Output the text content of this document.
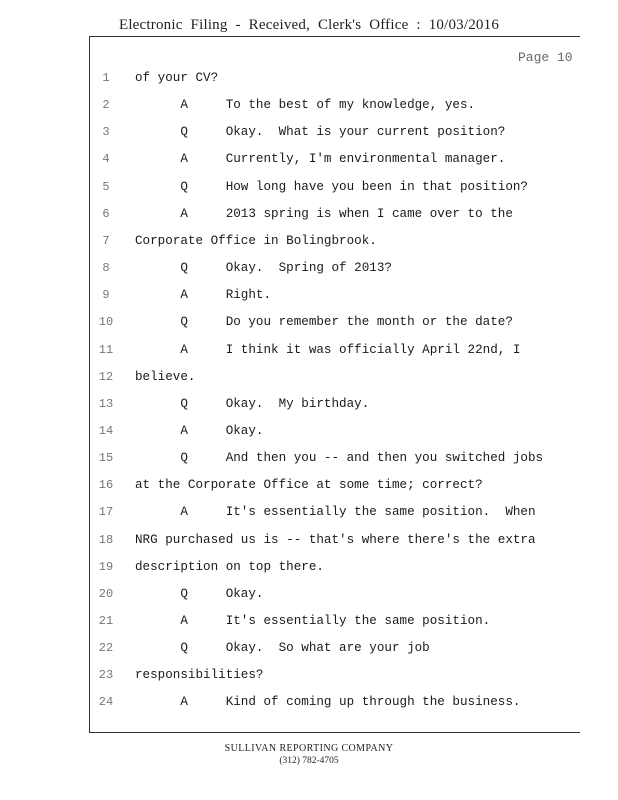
Electronic Filing - Received, Clerk's Office : 10/03/2016
Page 10
1	of your CV?
2	A     To the best of my knowledge, yes.
3	Q     Okay.  What is your current position?
4	A     Currently, I'm environmental manager.
5	Q     How long have you been in that position?
6	A     2013 spring is when I came over to the
7	Corporate Office in Bolingbrook.
8	Q     Okay.  Spring of 2013?
9	A     Right.
10 Q     Do you remember the month or the date?
11 A     I think it was officially April 22nd, I
12 believe.
13 Q     Okay.  My birthday.
14 A     Okay.
15 Q     And then you -- and then you switched jobs
16 at the Corporate Office at some time; correct?
17 A     It's essentially the same position.  When
18 NRG purchased us is -- that's where there's the extra
19 description on top there.
20 Q     Okay.
21 A     It's essentially the same position.
22 Q     Okay.  So what are your job
23 responsibilities?
24 A     Kind of coming up through the business.
SULLIVAN REPORTING COMPANY
(312) 782-4705
